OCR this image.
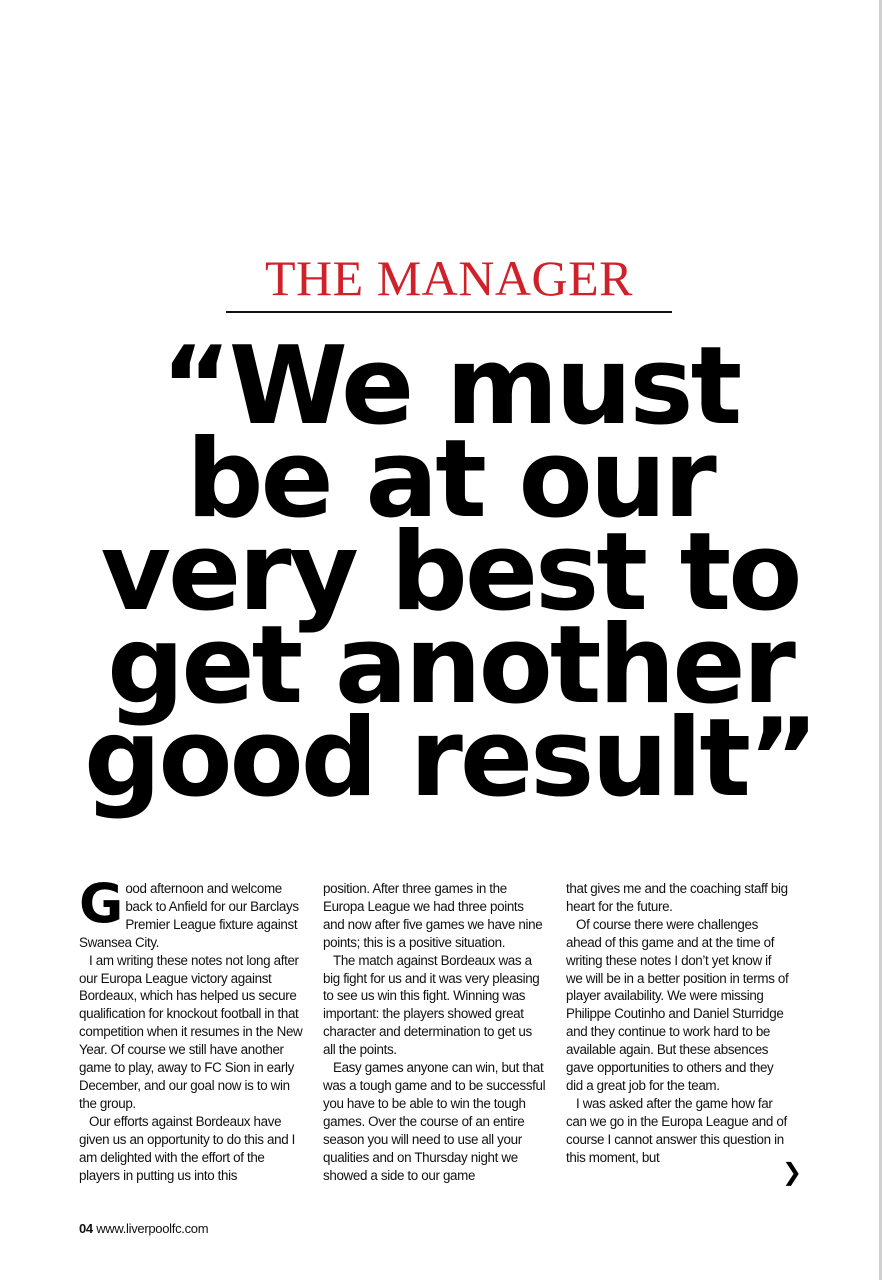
THE MANAGER
“We must
be at our
very best to
get another
good result”

Good afternoon and welcome back to Anfield for our Barclays Premier League fixture against Swansea City.

I am writing these notes not long after our Europa League victory against Bordeaux, which has helped us secure qualification for knockout football in that competition when it resumes in the New Year. Of course we still have another game to play, away to FC Sion in early December, and our goal now is to win the group.

Our efforts against Bordeaux have given us an opportunity to do this and I am delighted with the effort of the players in putting us into this

position. After three games in the Europa League we had three points and now after five games we have nine points; this is a positive situation.

The match against Bordeaux was a big fight for us and it was very pleasing to see us win this fight. Winning was important: the players showed great character and determination to get us all the points.

Easy games anyone can win, but that was a tough game and to be successful you have to be able to win the tough games. Over the course of an entire season you will need to use all your qualities and on Thursday night we showed a side to our game

that gives me and the coaching staff big heart for the future.

Of course there were challenges ahead of this game and at the time of writing these notes I don’t yet know if we will be in a better position in terms of player availability. We were missing Philippe Coutinho and Daniel Sturridge and they continue to work hard to be available again. But these absences gave opportunities to others and they did a great job for the team.

I was asked after the game how far can we go in the Europa League and of course I cannot answer this question in this moment, but

❯
04 www.liverpoolfc.com
